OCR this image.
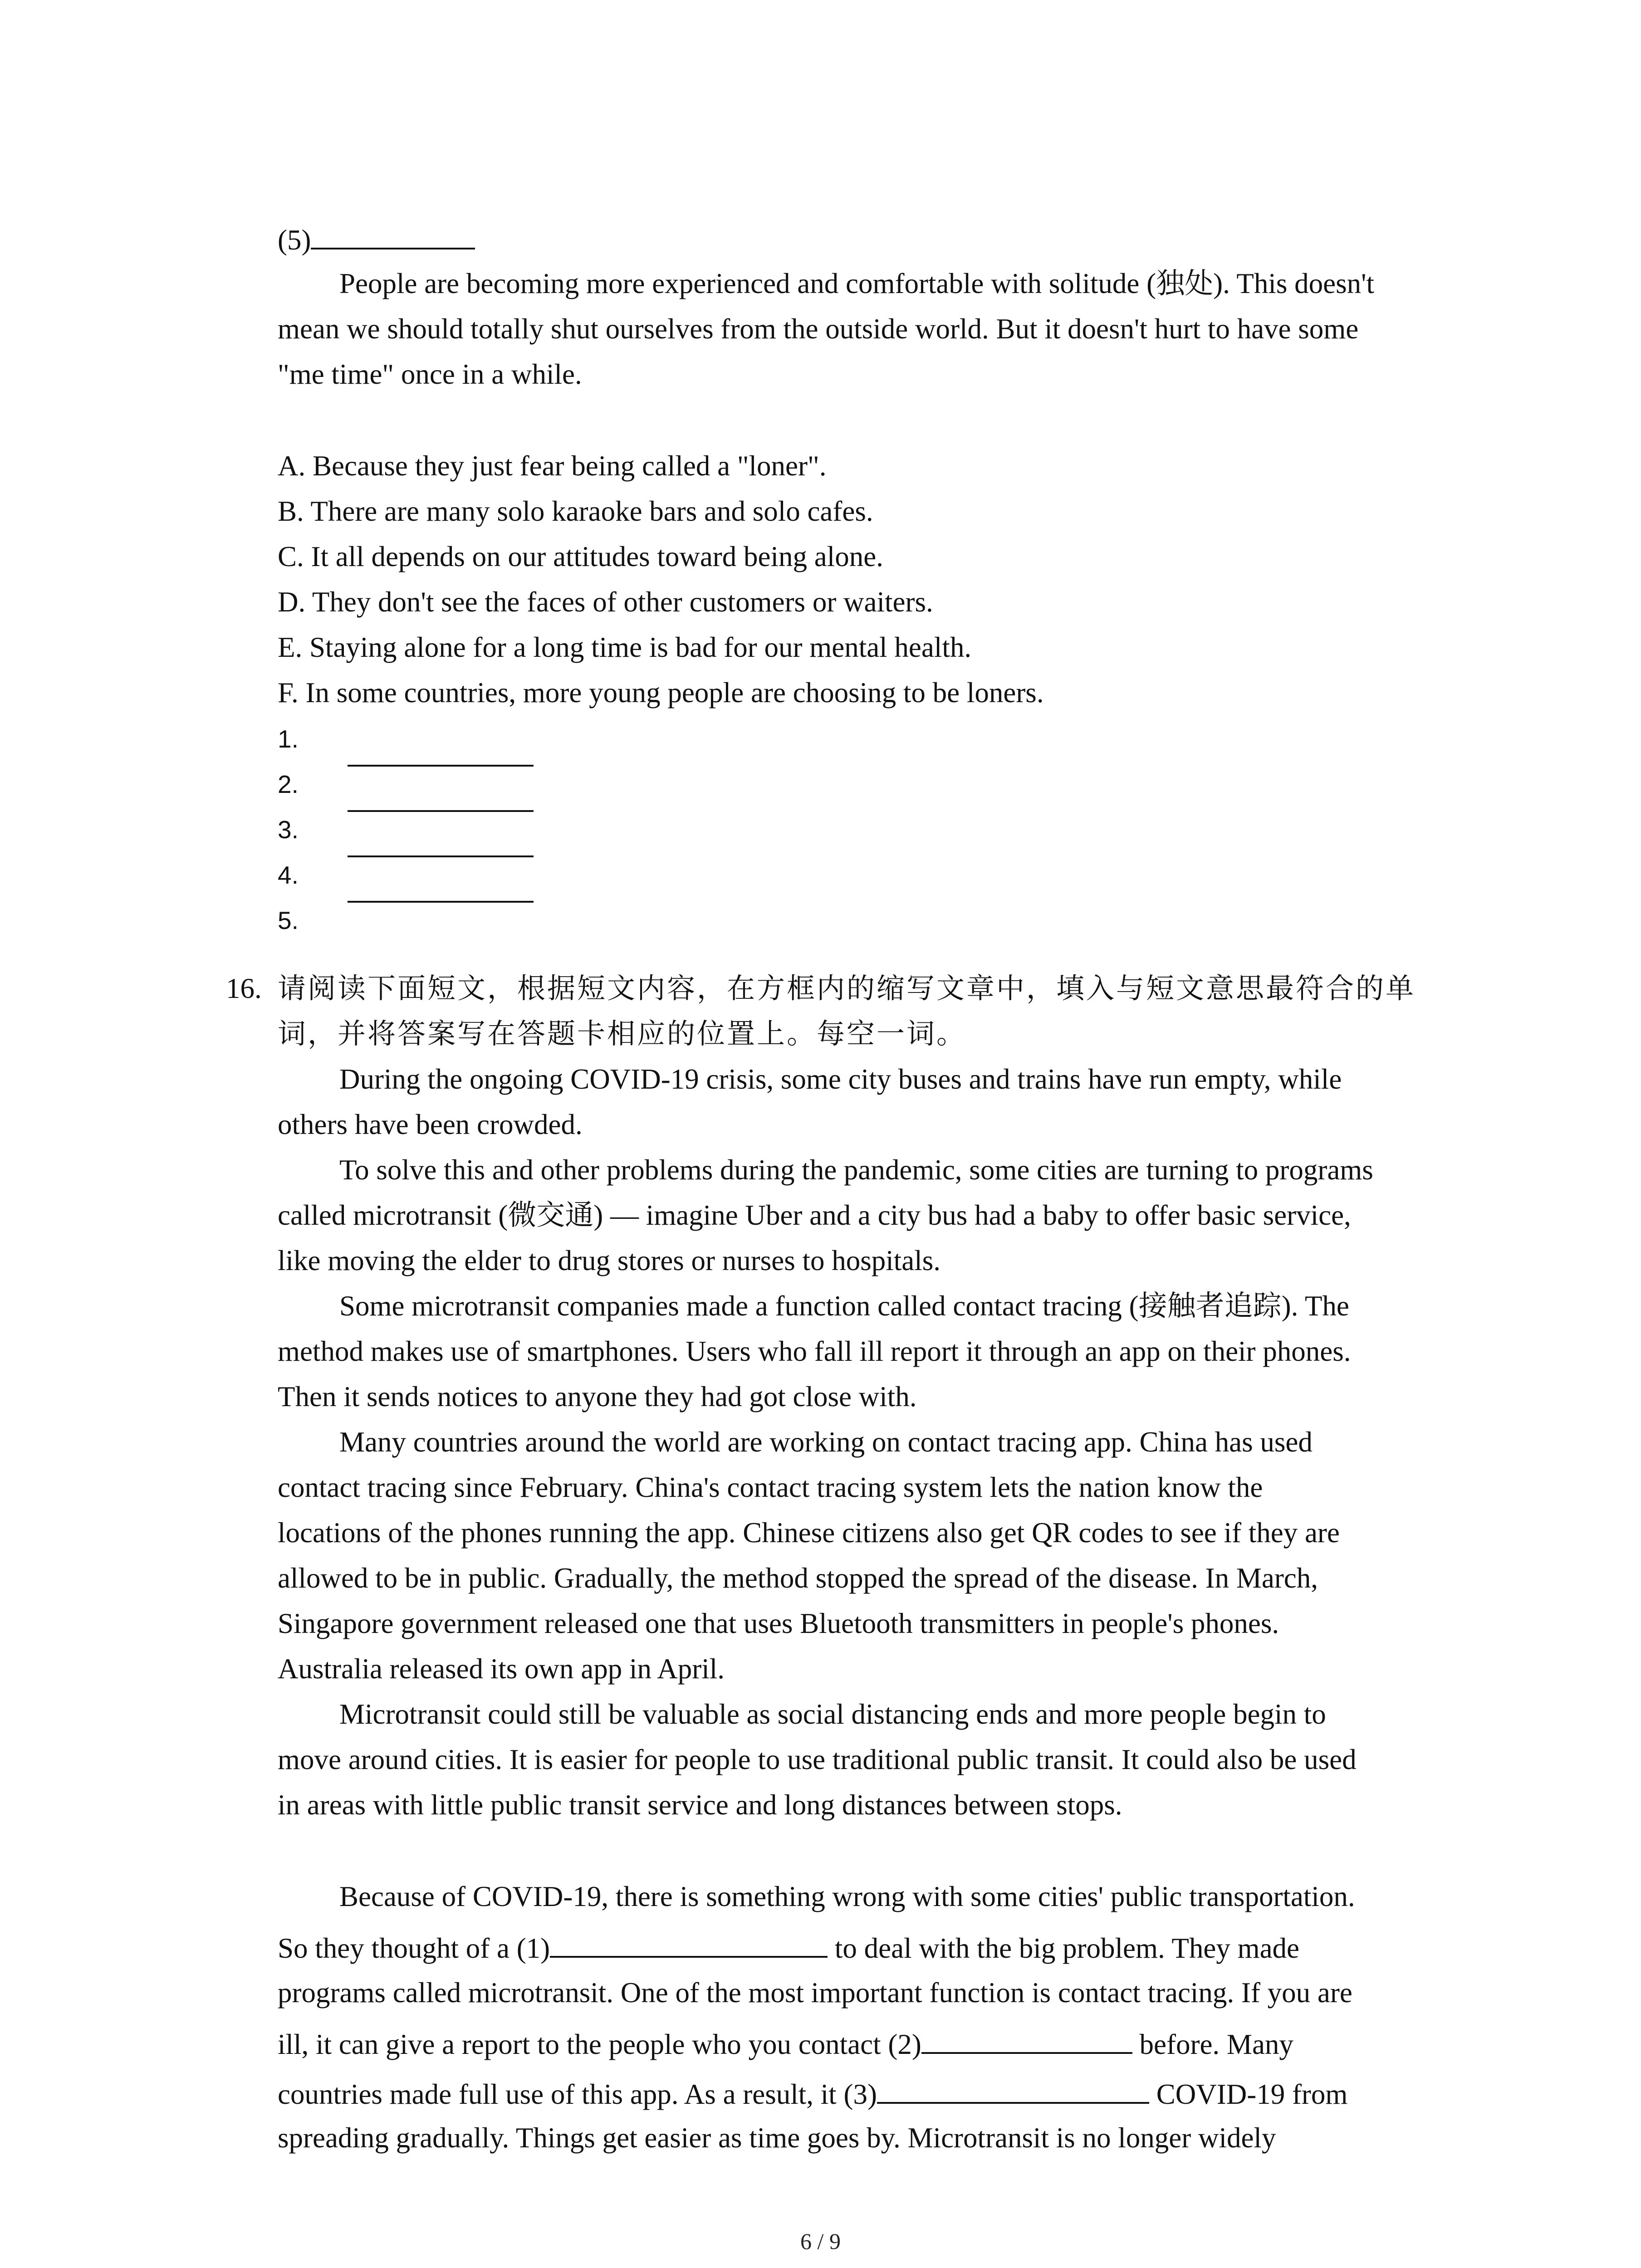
(5)
People are becoming more experienced and comfortable with solitude (独处). This doesn't
mean we should totally shut ourselves from the outside world. But it doesn't hurt to have some
"me time" once in a while.
A. Because they just fear being called a "loner".
B. There are many solo karaoke bars and solo cafes.
C. It all depends on our attitudes toward being alone.
D. They don't see the faces of other customers or waiters.
E. Staying alone for a long time is bad for our mental health.
F. In some countries, more young people are choosing to be loners.
1.
2.
3.
4.
5.
16. 请阅读下面短文，根据短文内容，在方框内的缩写文章中，填入与短文意思最符合的单
词，并将答案写在答题卡相应的位置上。每空一词。
During the ongoing COVID-19 crisis, some city buses and trains have run empty, while
others have been crowded.
To solve this and other problems during the pandemic, some cities are turning to programs
called microtransit (微交通) — imagine Uber and a city bus had a baby to offer basic service,
like moving the elder to drug stores or nurses to hospitals.
Some microtransit companies made a function called contact tracing (接触者追踪). The
method makes use of smartphones. Users who fall ill report it through an app on their phones.
Then it sends notices to anyone they had got close with.
Many countries around the world are working on contact tracing app. China has used
contact tracing since February. China's contact tracing system lets the nation know the
locations of the phones running the app. Chinese citizens also get QR codes to see if they are
allowed to be in public. Gradually, the method stopped the spread of the disease. In March,
Singapore government released one that uses Bluetooth transmitters in people's phones.
Australia released its own app in April.
Microtransit could still be valuable as social distancing ends and more people begin to
move around cities. It is easier for people to use traditional public transit. It could also be used
in areas with little public transit service and long distances between stops.
Because of COVID-19, there is something wrong with some cities' public transportation.
So they thought of a (1)	to deal with the big problem. They made
programs called microtransit. One of the most important function is contact tracing. If you are
ill, it can give a report to the people who you contact (2)	before. Many
countries made full use of this app. As a result, it (3)	COVID-19 from
spreading gradually. Things get easier as time goes by. Microtransit is no longer widely
6 / 9
